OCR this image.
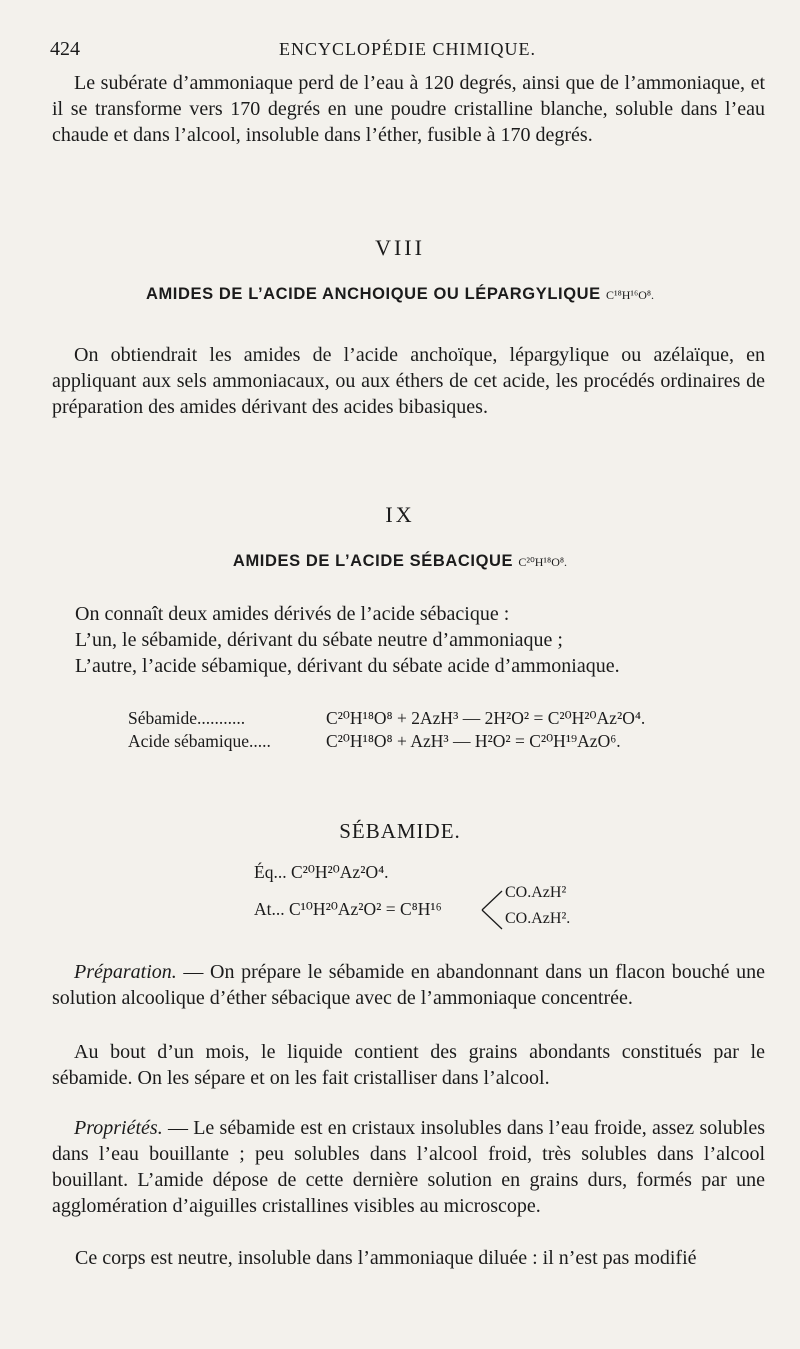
424	ENCYCLOPÉDIE CHIMIQUE.

Le subérate d’ammoniaque perd de l’eau à 120 degrés, ainsi que de l’ammoniaque, et il se transforme vers 170 degrés en une poudre cristalline blanche, soluble dans l’eau chaude et dans l’alcool, insoluble dans l’éther, fusible à 170 degrés.

VIII
AMIDES DE L’ACIDE ANCHOIQUE OU LÉPARGYLIQUE C¹⁸H¹⁶O⁸.

On obtiendrait les amides de l’acide anchoïque, lépargylique ou azélaïque, en appliquant aux sels ammoniacaux, ou aux éthers de cet acide, les procédés ordinaires de préparation des amides dérivant des acides bibasiques.

IX
AMIDES DE L’ACIDE SÉBACIQUE C²⁰H¹⁸O⁸.
On connaît deux amides dérivés de l’acide sébacique :
L’un, le sébamide, dérivant du sébate neutre d’ammoniaque ;
L’autre, l’acide sébamique, dérivant du sébate acide d’ammoniaque.
Sébamide...........	C²⁰H¹⁸O⁸ + 2AzH³ — 2H²O² = C²⁰H²⁰Az²O⁴.
Acide sébamique.....	C²⁰H¹⁸O⁸ + AzH³ — H²O² = C²⁰H¹⁹AzO⁶.
SÉBAMIDE.
Éq... C²⁰H²⁰Az²O⁴.
At... C¹⁰H²⁰Az²O² = C⁸H¹⁶
CO.AzH²
CO.AzH².

Préparation. — On prépare le sébamide en abandonnant dans un flacon bouché une solution alcoolique d’éther sébacique avec de l’ammoniaque concentrée.

Au bout d’un mois, le liquide contient des grains abondants constitués par le sébamide. On les sépare et on les fait cristalliser dans l’alcool.

Propriétés. — Le sébamide est en cristaux insolubles dans l’eau froide, assez solubles dans l’eau bouillante ; peu solubles dans l’alcool froid, très solubles dans l’alcool bouillant. L’amide dépose de cette dernière solution en grains durs, formés par une agglomération d’aiguilles cristallines visibles au microscope.

Ce corps est neutre, insoluble dans l’ammoniaque diluée : il n’est pas modifié
